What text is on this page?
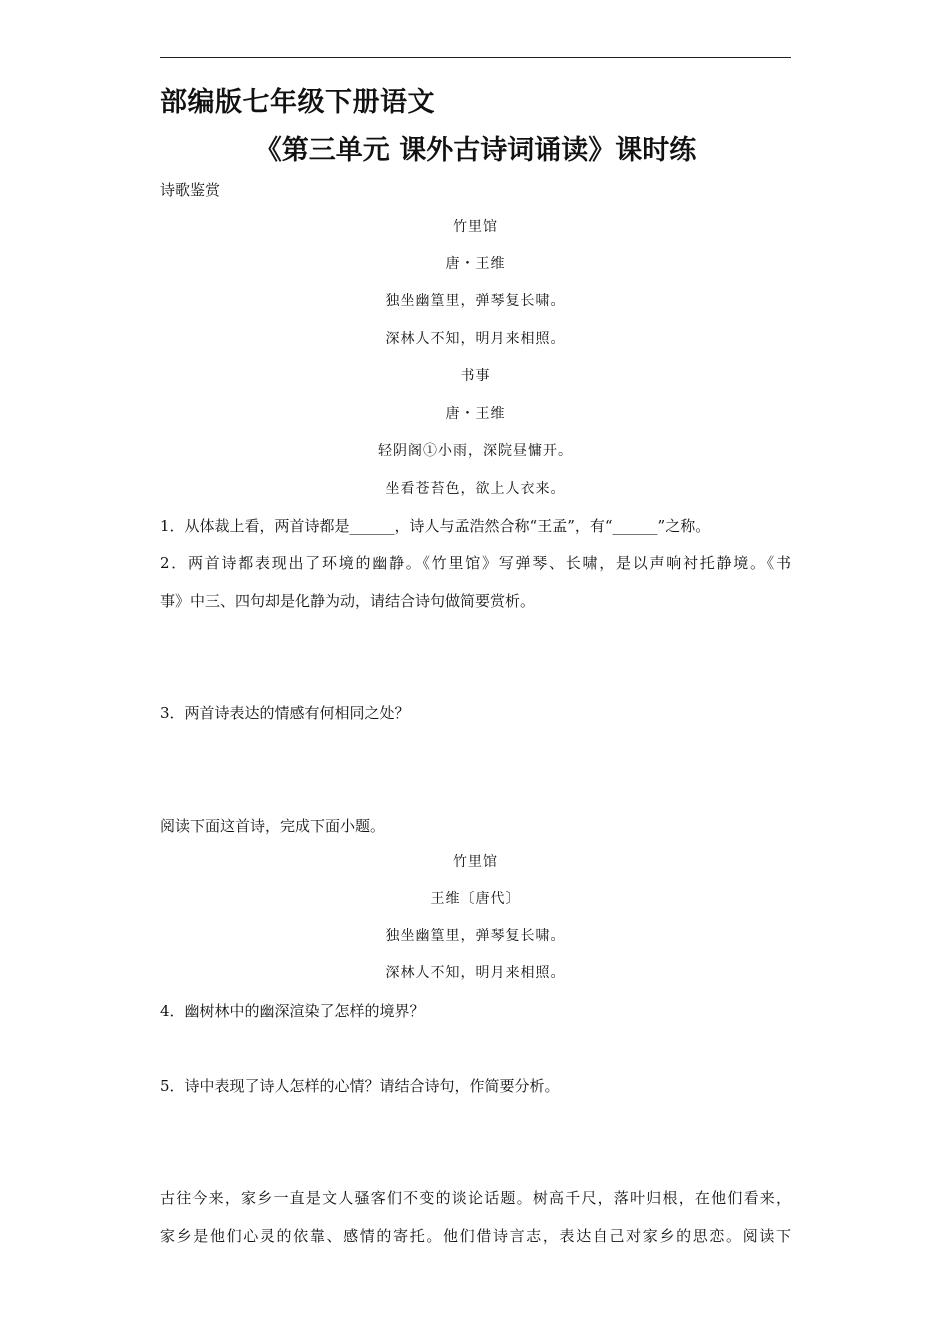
部编版七年级下册语文
《第三单元 课外古诗词诵读》课时练
诗歌鉴赏
竹里馆
唐・王维
独坐幽篁里，弹琴复长啸。
深林人不知，明月来相照。
书事
唐・王维
轻阴阁①小雨，深院昼慵开。
坐看苍苔色，欲上人衣来。
1．从体裁上看，两首诗都是______，诗人与孟浩然合称“王孟”，有“______”之称。
2．两首诗都表现出了环境的幽静。《竹里馆》写弹琴、长啸，是以声响衬托静境。《书
事》中三、四句却是化静为动，请结合诗句做简要赏析。
3．两首诗表达的情感有何相同之处？
阅读下面这首诗，完成下面小题。
竹里馆
王维〔唐代〕
独坐幽篁里，弹琴复长啸。
深林人不知，明月来相照。
4．幽树林中的幽深渲染了怎样的境界？
5．诗中表现了诗人怎样的心情？请结合诗句，作简要分析。
古往今来，家乡一直是文人骚客们不变的谈论话题。树高千尺，落叶归根，在他们看来，
家乡是他们心灵的依靠、感情的寄托。他们借诗言志，表达自己对家乡的思恋。阅读下
